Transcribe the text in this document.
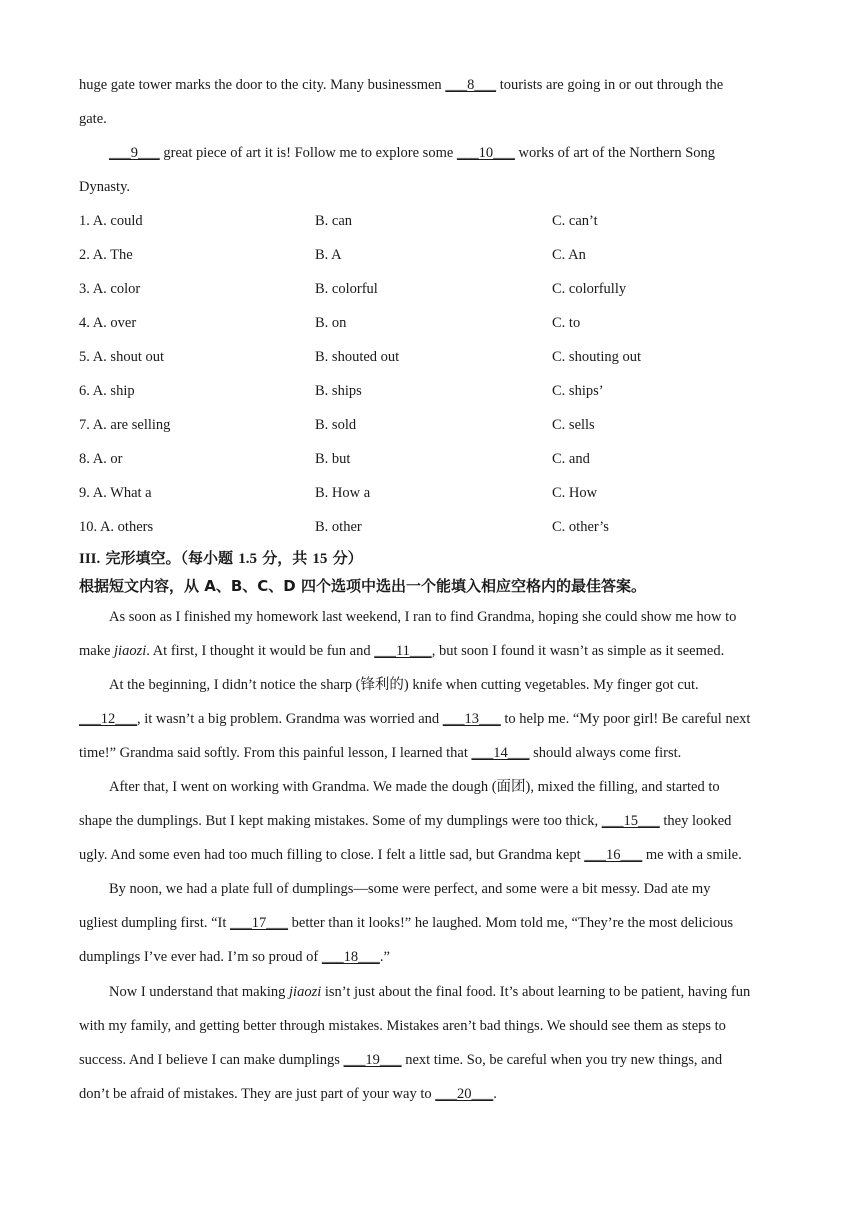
huge gate tower marks the door to the city. Many businessmen ___8___ tourists are going in or out through the
gate.
___9___ great piece of art it is! Follow me to explore some ___10___ works of art of the Northern Song
Dynasty.
1. A. could	B. can	C. can’t
2. A. The	B. A	C. An
3. A. color	B. colorful	C. colorfully
4. A. over	B. on	C. to
5. A. shout out	B. shouted out	C. shouting out
6. A. ship	B. ships	C. ships’
7. A. are selling	B. sold	C. sells
8. A. or	B. but	C. and
9. A. What a	B. How a	C. How
10. A. others	B. other	C. other’s
III. 完形填空。（每小题 1.5 分，共 15 分）
根据短文内容，从 A、B、C、D 四个选项中选出一个能填入相应空格内的最佳答案。
As soon as I finished my homework last weekend, I ran to find Grandma, hoping she could show me how to
make jiaozi. At first, I thought it would be fun and ___11___, but soon I found it wasn’t as simple as it seemed.
At the beginning, I didn’t notice the sharp (锋利的) knife when cutting vegetables. My finger got cut.
___12___, it wasn’t a big problem. Grandma was worried and ___13___ to help me. “My poor girl! Be careful next
time!” Grandma said softly. From this painful lesson, I learned that ___14___ should always come first.
After that, I went on working with Grandma. We made the dough (面团), mixed the filling, and started to
shape the dumplings. But I kept making mistakes. Some of my dumplings were too thick, ___15___ they looked
ugly. And some even had too much filling to close. I felt a little sad, but Grandma kept ___16___ me with a smile.
By noon, we had a plate full of dumplings—some were perfect, and some were a bit messy. Dad ate my
ugliest dumpling first. “It ___17___ better than it looks!” he laughed. Mom told me, “They’re the most delicious
dumplings I’ve ever had. I’m so proud of ___18___.”
Now I understand that making jiaozi isn’t just about the final food. It’s about learning to be patient, having fun
with my family, and getting better through mistakes. Mistakes aren’t bad things. We should see them as steps to
success. And I believe I can make dumplings ___19___ next time. So, be careful when you try new things, and
don’t be afraid of mistakes. They are just part of your way to ___20___.
